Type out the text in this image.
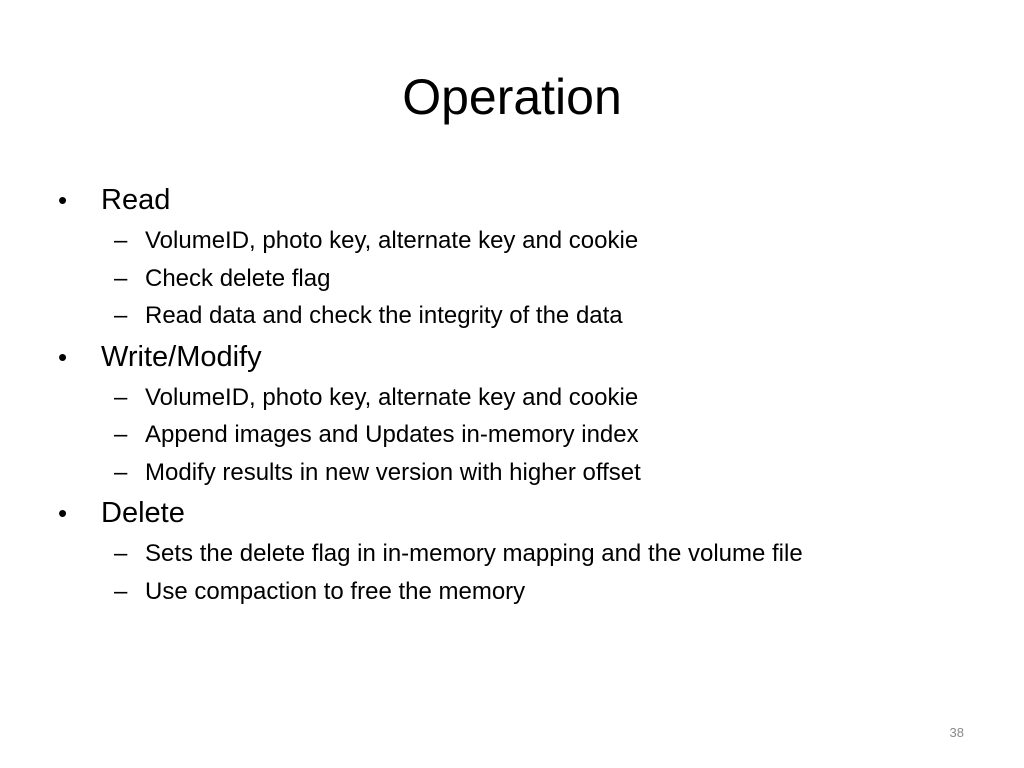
Operation
• Read
– VolumeID, photo key, alternate key and cookie
– Check delete flag
– Read data and check the integrity of the data
• Write/Modify
– VolumeID, photo key, alternate key and cookie
– Append images and Updates in-memory index
– Modify results in new version with higher offset
• Delete
– Sets the delete flag in in-memory mapping and the volume file
– Use compaction to free the memory
38
